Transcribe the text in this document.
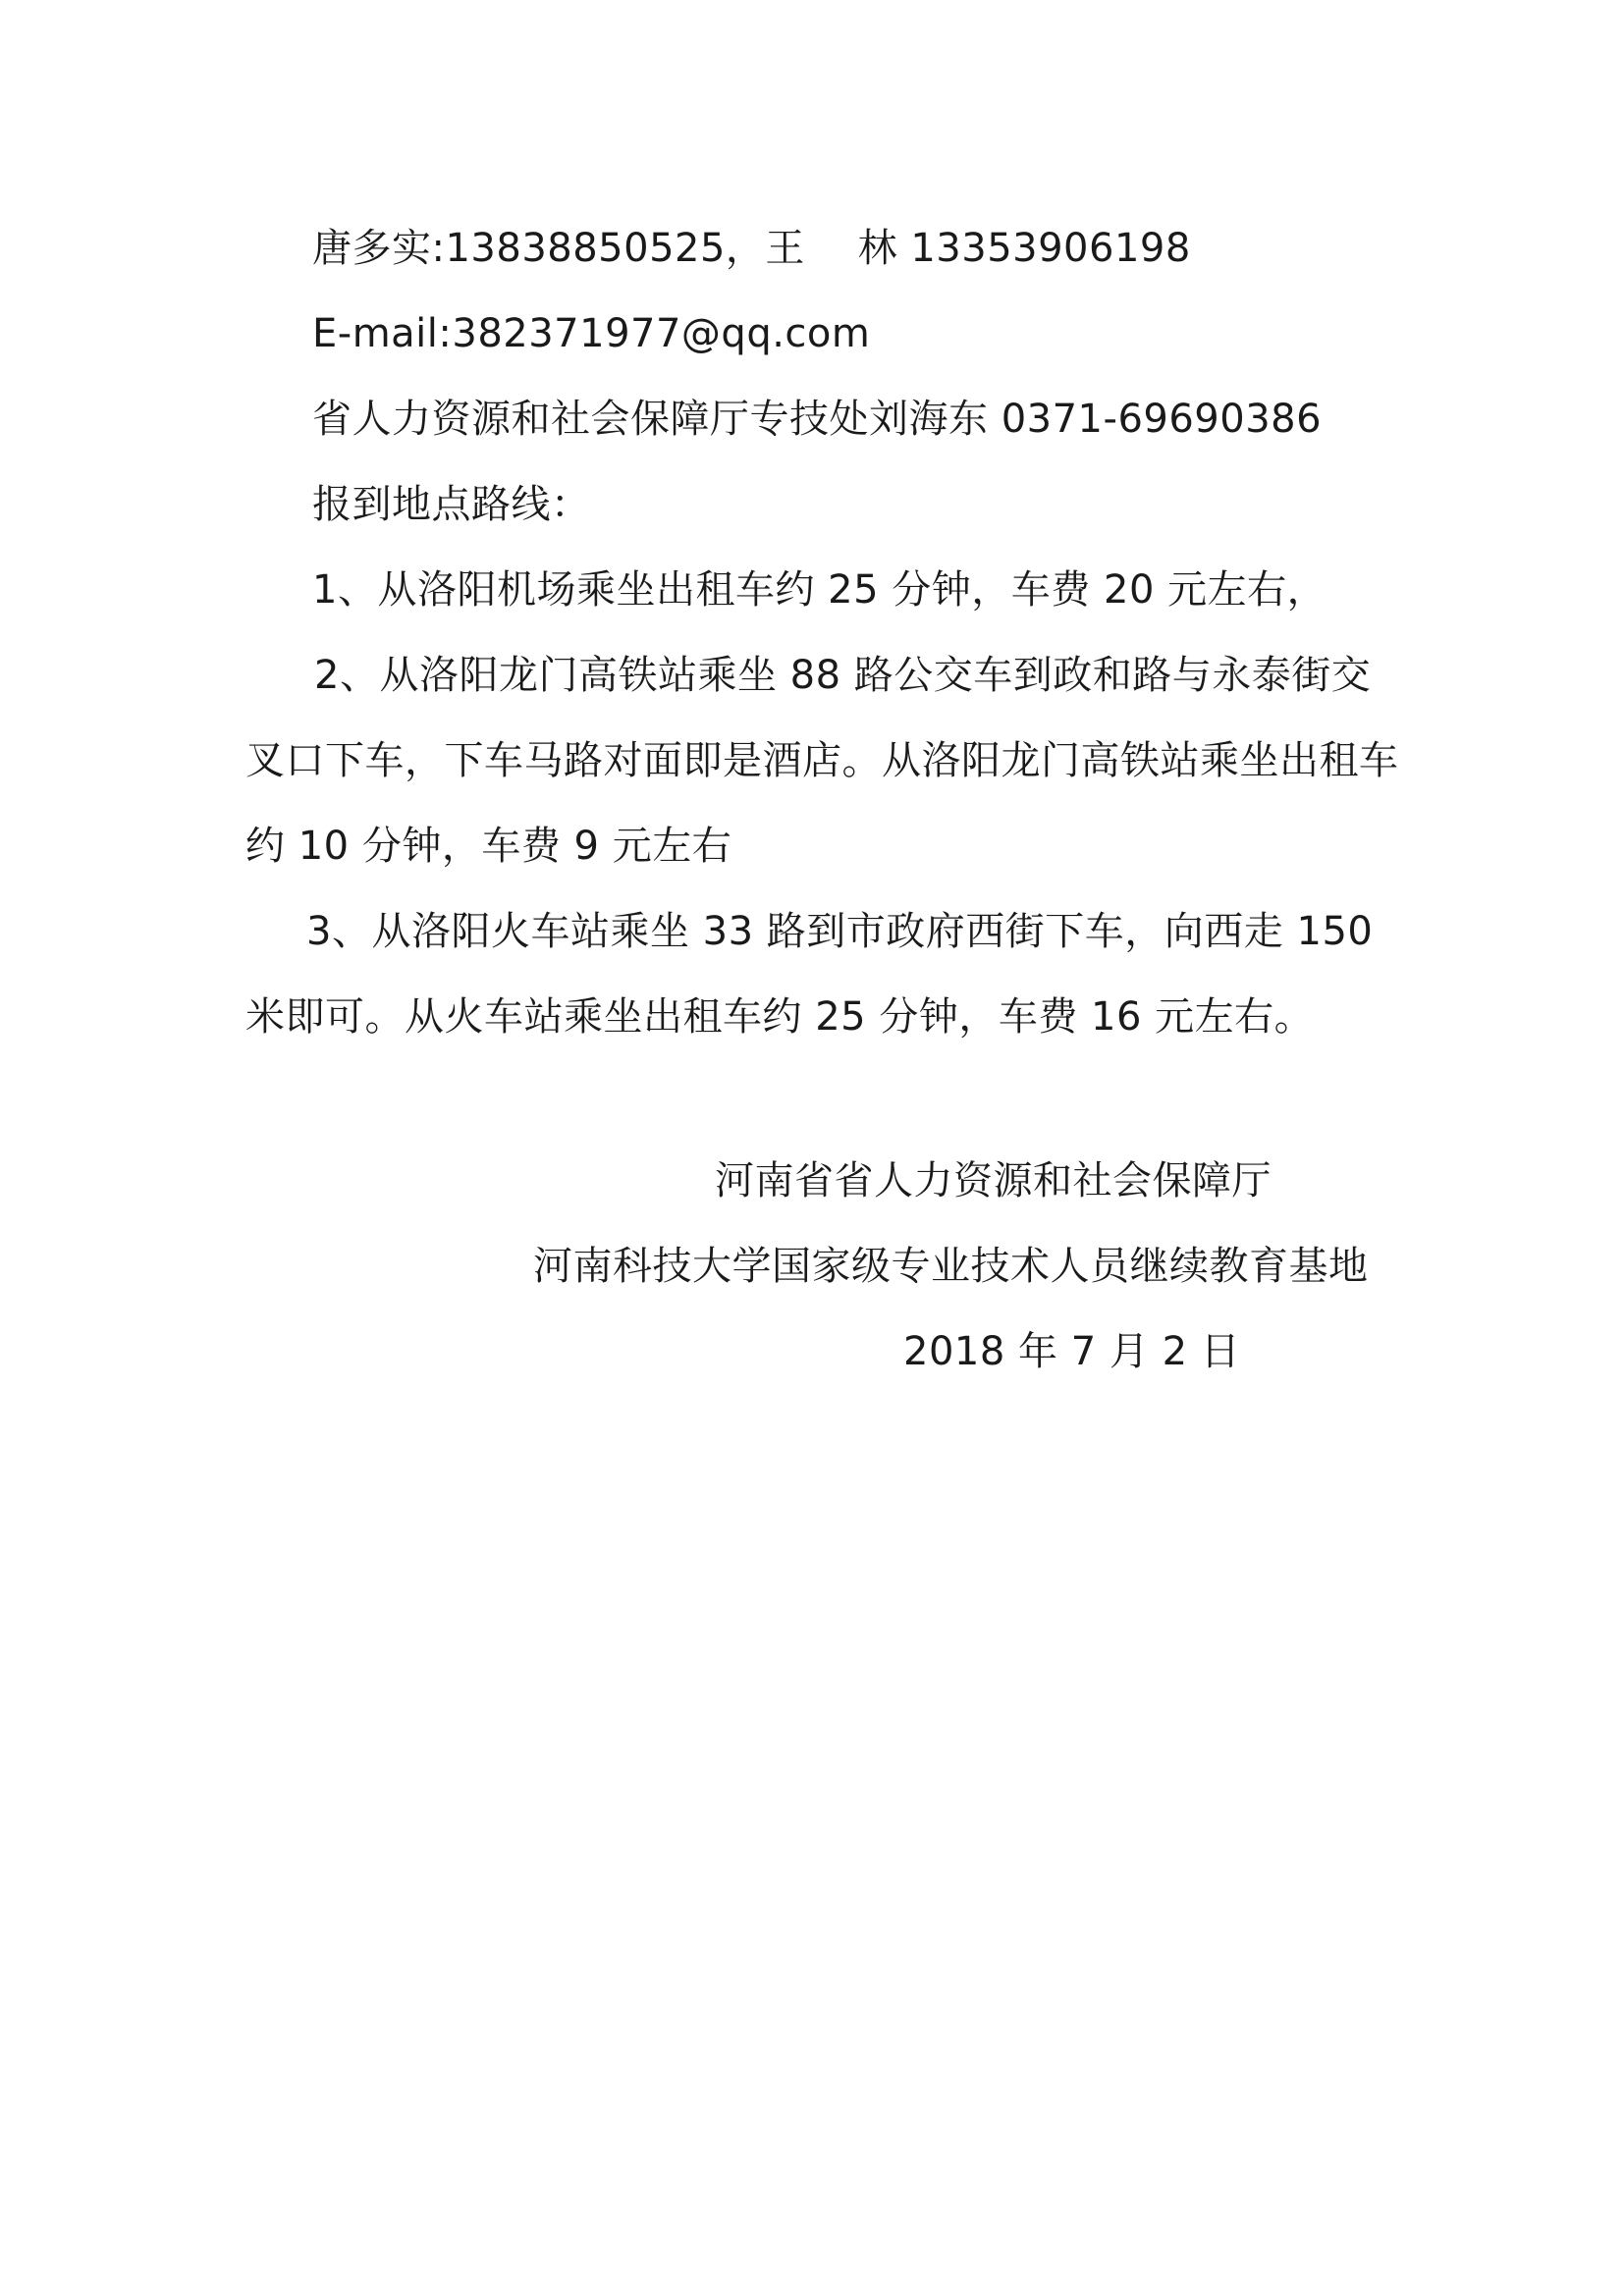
唐多实:13838850525，王 　林 13353906198

E-mail:382371977@qq.com

省人力资源和社会保障厅专技处刘海东 0371-69690386

报到地点路线：

1、从洛阳机场乘坐出租车约 25 分钟，车费 20 元左右，

2、从洛阳龙门高铁站乘坐 88 路公交车到政和路与永泰街交叉口下车，下车马路对面即是酒店。从洛阳龙门高铁站乘坐出租车约 10 分钟，车费 9 元左右

3、从洛阳火车站乘坐 33 路到市政府西街下车，向西走 150 米即可。从火车站乘坐出租车约 25 分钟，车费 16 元左右。

河南省省人力资源和社会保障厅
河南科技大学国家级专业技术人员继续教育基地
2018 年 7 月 2 日
